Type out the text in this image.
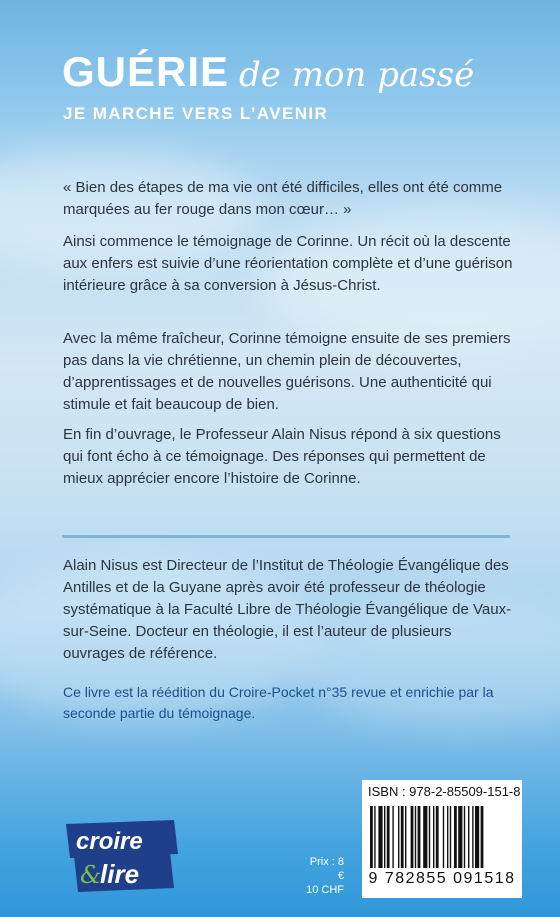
GUÉRIE de mon passé
JE MARCHE VERS L’AVENIR
« Bien des étapes de ma vie ont été difficiles, elles ont été comme marquées au fer rouge dans mon cœur… »
Ainsi commence le témoignage de Corinne. Un récit où la descente aux enfers est suivie d’une réorientation complète et d’une guérison intérieure grâce à sa conversion à Jésus-Christ.
Avec la même fraîcheur, Corinne témoigne ensuite de ses premiers pas dans la vie chrétienne, un chemin plein de découvertes, d’apprentissages et de nouvelles guérisons. Une authenticité qui stimule et fait beaucoup de bien.
En fin d’ouvrage, le Professeur Alain Nisus répond à six questions qui font écho à ce témoignage. Des réponses qui permettent de mieux apprécier encore l’histoire de Corinne.
Alain Nisus est Directeur de l’Institut de Théologie Évangélique des Antilles et de la Guyane après avoir été professeur de théologie systématique à la Faculté Libre de Théologie Évangélique de Vaux-sur-Seine. Docteur en théologie, il est l’auteur de plusieurs ouvrages de référence.
Ce livre est la réédition du Croire-Pocket n°35 revue et enrichie par la seconde partie du témoignage.
croire
&
lire	Prix : 8 €
10 CHF
ISBN : 978-2-85509-151-8
9 782855 091518
